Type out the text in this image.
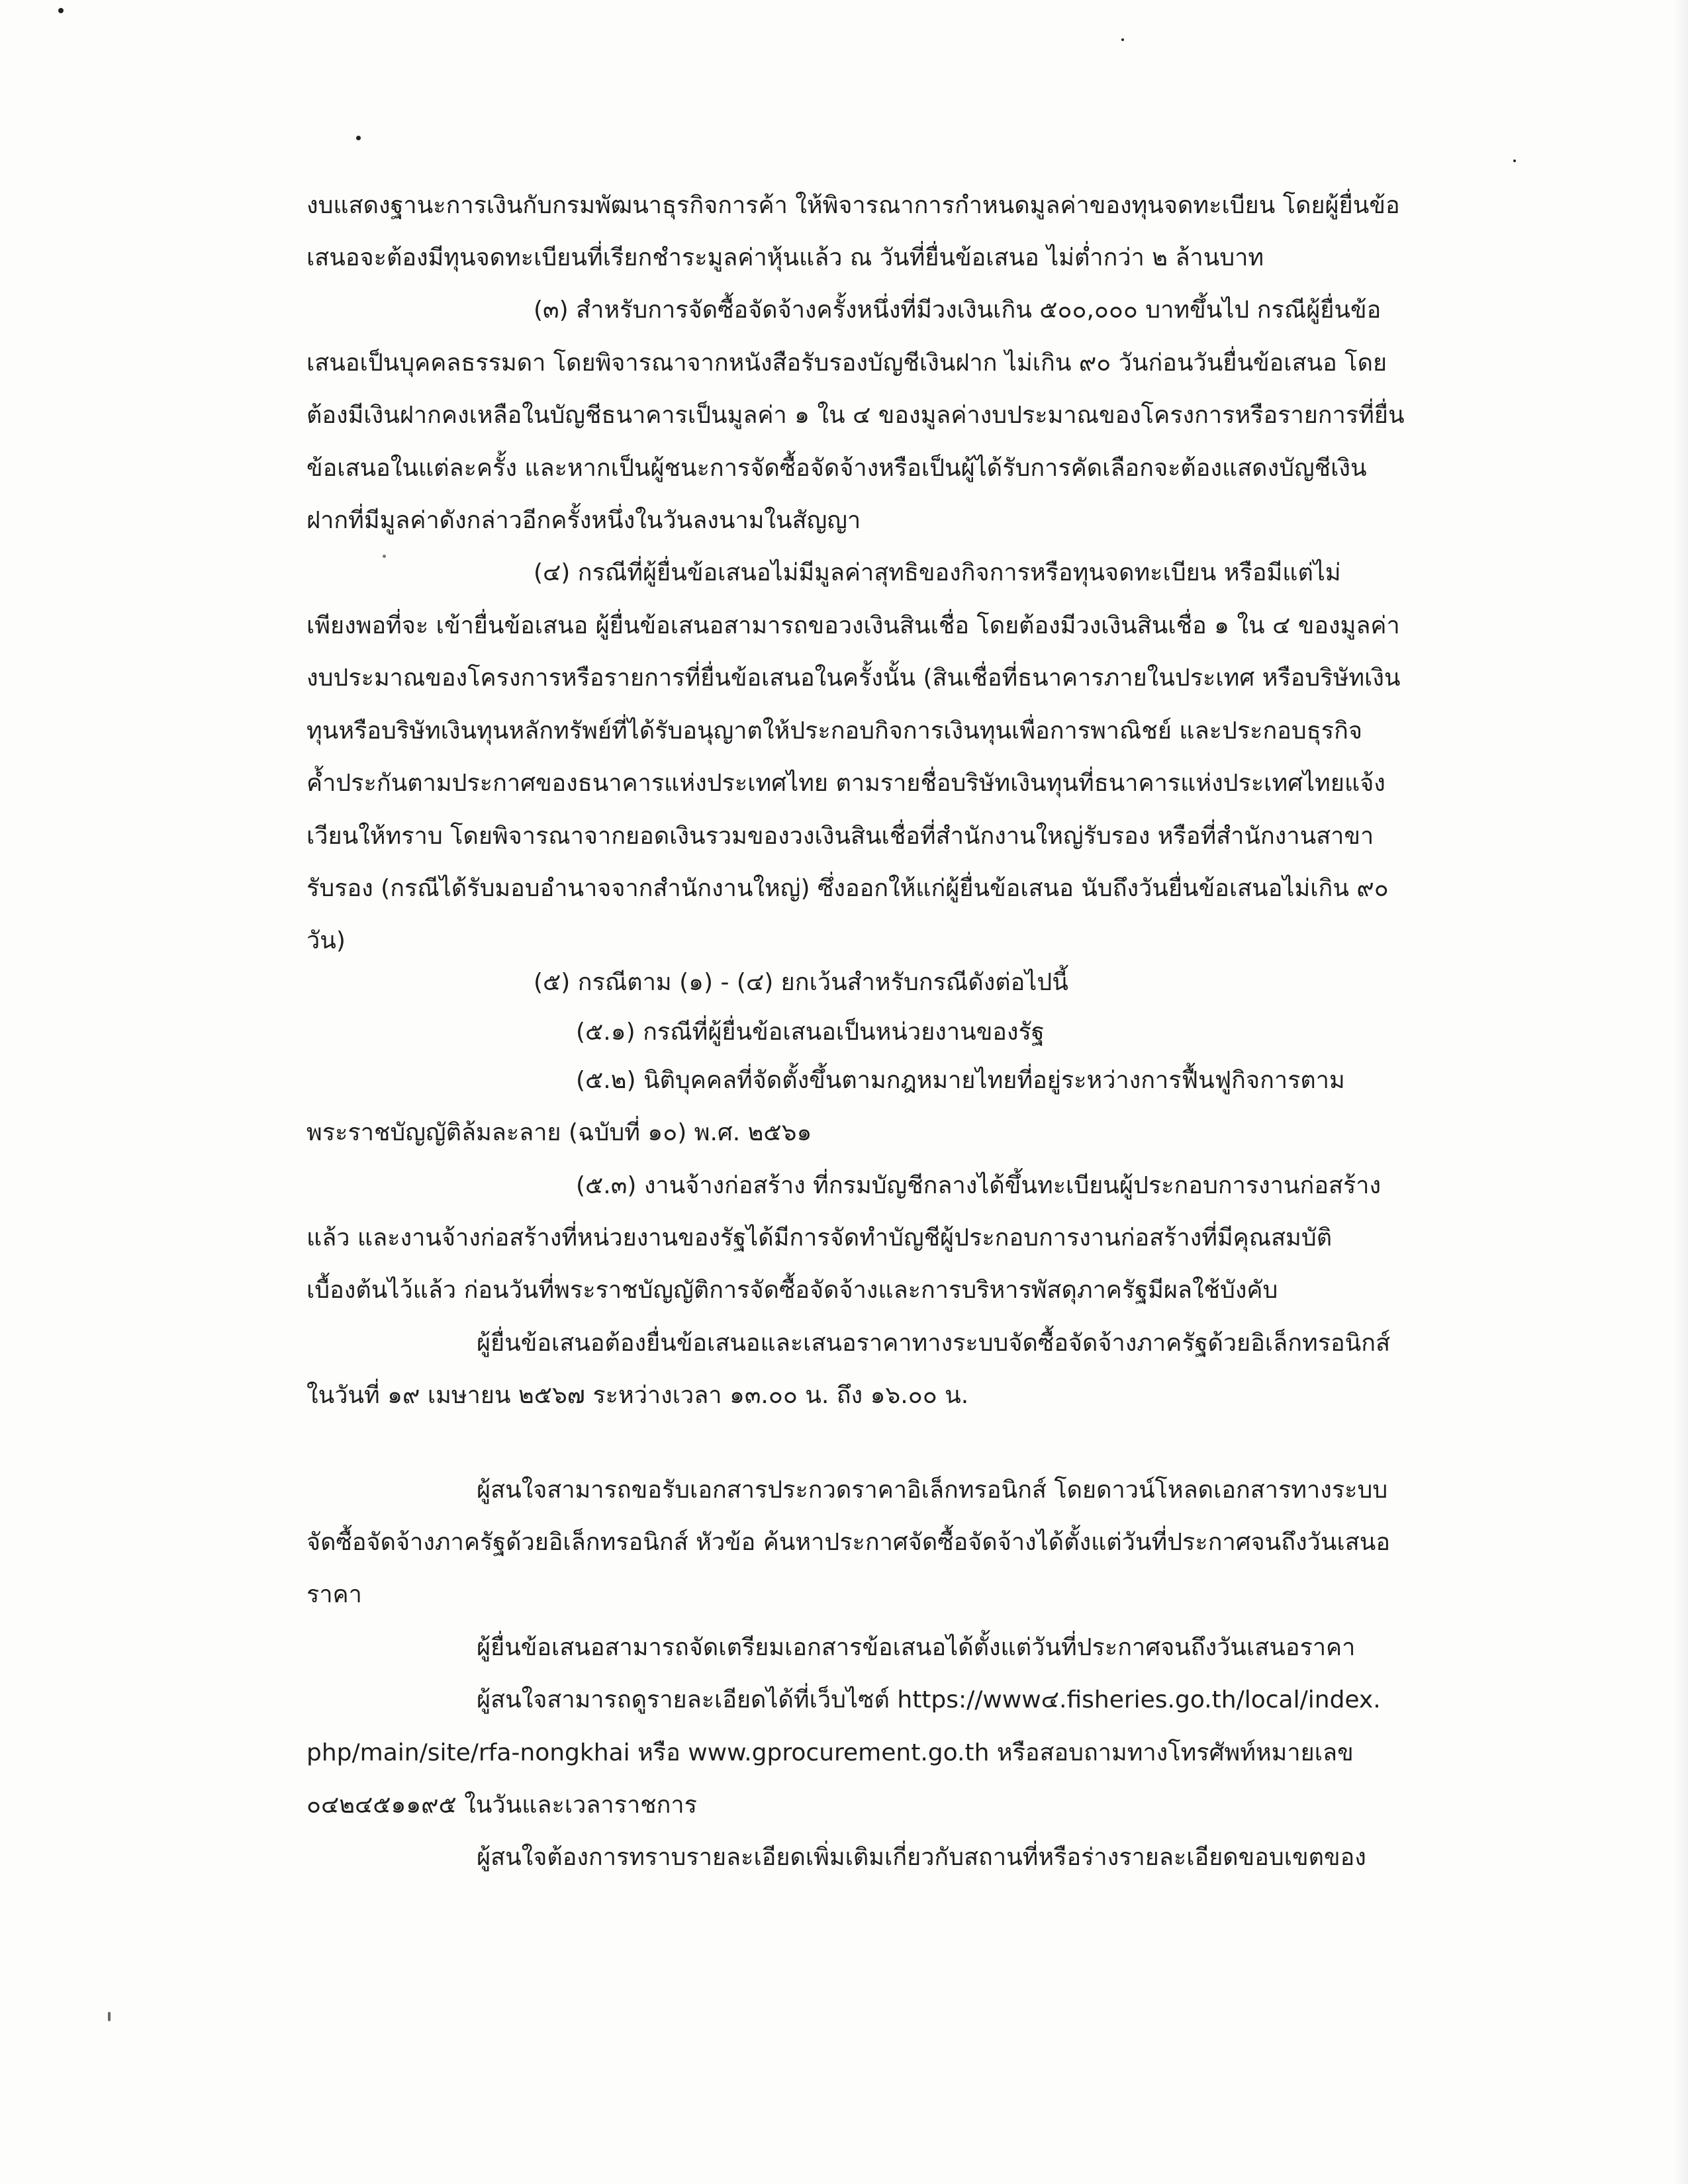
งบแสดงฐานะการเงินกับกรมพัฒนาธุรกิจการค้า ให้พิจารณาการกำหนดมูลค่าของทุนจดทะเบียน โดยผู้ยื่นข้อ
เสนอจะต้องมีทุนจดทะเบียนที่เรียกชำระมูลค่าหุ้นแล้ว ณ วันที่ยื่นข้อเสนอ ไม่ต่ำกว่า ๒ ล้านบาท
(๓) สำหรับการจัดซื้อจัดจ้างครั้งหนึ่งที่มีวงเงินเกิน ๕๐๐,๐๐๐ บาทขึ้นไป กรณีผู้ยื่นข้อ
เสนอเป็นบุคคลธรรมดา โดยพิจารณาจากหนังสือรับรองบัญชีเงินฝาก ไม่เกิน ๙๐ วันก่อนวันยื่นข้อเสนอ โดย
ต้องมีเงินฝากคงเหลือในบัญชีธนาคารเป็นมูลค่า ๑ ใน ๔ ของมูลค่างบประมาณของโครงการหรือรายการที่ยื่น
ข้อเสนอในแต่ละครั้ง และหากเป็นผู้ชนะการจัดซื้อจัดจ้างหรือเป็นผู้ได้รับการคัดเลือกจะต้องแสดงบัญชีเงิน
ฝากที่มีมูลค่าดังกล่าวอีกครั้งหนึ่งในวันลงนามในสัญญา
(๔) กรณีที่ผู้ยื่นข้อเสนอไม่มีมูลค่าสุทธิของกิจการหรือทุนจดทะเบียน หรือมีแต่ไม่
เพียงพอที่จะ เข้ายื่นข้อเสนอ ผู้ยื่นข้อเสนอสามารถขอวงเงินสินเชื่อ โดยต้องมีวงเงินสินเชื่อ ๑ ใน ๔ ของมูลค่า
งบประมาณของโครงการหรือรายการที่ยื่นข้อเสนอในครั้งนั้น (สินเชื่อที่ธนาคารภายในประเทศ หรือบริษัทเงิน
ทุนหรือบริษัทเงินทุนหลักทรัพย์ที่ได้รับอนุญาตให้ประกอบกิจการเงินทุนเพื่อการพาณิชย์ และประกอบธุรกิจ
ค้ำประกันตามประกาศของธนาคารแห่งประเทศไทย ตามรายชื่อบริษัทเงินทุนที่ธนาคารแห่งประเทศไทยแจ้ง
เวียนให้ทราบ โดยพิจารณาจากยอดเงินรวมของวงเงินสินเชื่อที่สำนักงานใหญ่รับรอง หรือที่สำนักงานสาขา
รับรอง (กรณีได้รับมอบอำนาจจากสำนักงานใหญ่) ซึ่งออกให้แก่ผู้ยื่นข้อเสนอ นับถึงวันยื่นข้อเสนอไม่เกิน ๙๐
วัน)
(๕) กรณีตาม (๑) - (๔) ยกเว้นสำหรับกรณีดังต่อไปนี้
(๕.๑) กรณีที่ผู้ยื่นข้อเสนอเป็นหน่วยงานของรัฐ
(๕.๒) นิติบุคคลที่จัดตั้งขึ้นตามกฎหมายไทยที่อยู่ระหว่างการฟื้นฟูกิจการตาม
พระราชบัญญัติล้มละลาย (ฉบับที่ ๑๐) พ.ศ. ๒๕๖๑
(๕.๓) งานจ้างก่อสร้าง ที่กรมบัญชีกลางได้ขึ้นทะเบียนผู้ประกอบการงานก่อสร้าง
แล้ว และงานจ้างก่อสร้างที่หน่วยงานของรัฐได้มีการจัดทำบัญชีผู้ประกอบการงานก่อสร้างที่มีคุณสมบัติ
เบื้องต้นไว้แล้ว ก่อนวันที่พระราชบัญญัติการจัดซื้อจัดจ้างและการบริหารพัสดุภาครัฐมีผลใช้บังคับ
ผู้ยื่นข้อเสนอต้องยื่นข้อเสนอและเสนอราคาทางระบบจัดซื้อจัดจ้างภาครัฐด้วยอิเล็กทรอนิกส์
ในวันที่ ๑๙ เมษายน ๒๕๖๗ ระหว่างเวลา ๑๓.๐๐ น. ถึง ๑๖.๐๐ น.
ผู้สนใจสามารถขอรับเอกสารประกวดราคาอิเล็กทรอนิกส์ โดยดาวน์โหลดเอกสารทางระบบ
จัดซื้อจัดจ้างภาครัฐด้วยอิเล็กทรอนิกส์ หัวข้อ ค้นหาประกาศจัดซื้อจัดจ้างได้ตั้งแต่วันที่ประกาศจนถึงวันเสนอ
ราคา
ผู้ยื่นข้อเสนอสามารถจัดเตรียมเอกสารข้อเสนอได้ตั้งแต่วันที่ประกาศจนถึงวันเสนอราคา
ผู้สนใจสามารถดูรายละเอียดได้ที่เว็บไซต์ https://www๔.fisheries.go.th/local/index.
php/main/site/rfa-nongkhai หรือ www.gprocurement.go.th หรือสอบถามทางโทรศัพท์หมายเลข
๐๔๒๔๕๑๑๙๕ ในวันและเวลาราชการ
ผู้สนใจต้องการทราบรายละเอียดเพิ่มเติมเกี่ยวกับสถานที่หรือร่างรายละเอียดขอบเขตของ
